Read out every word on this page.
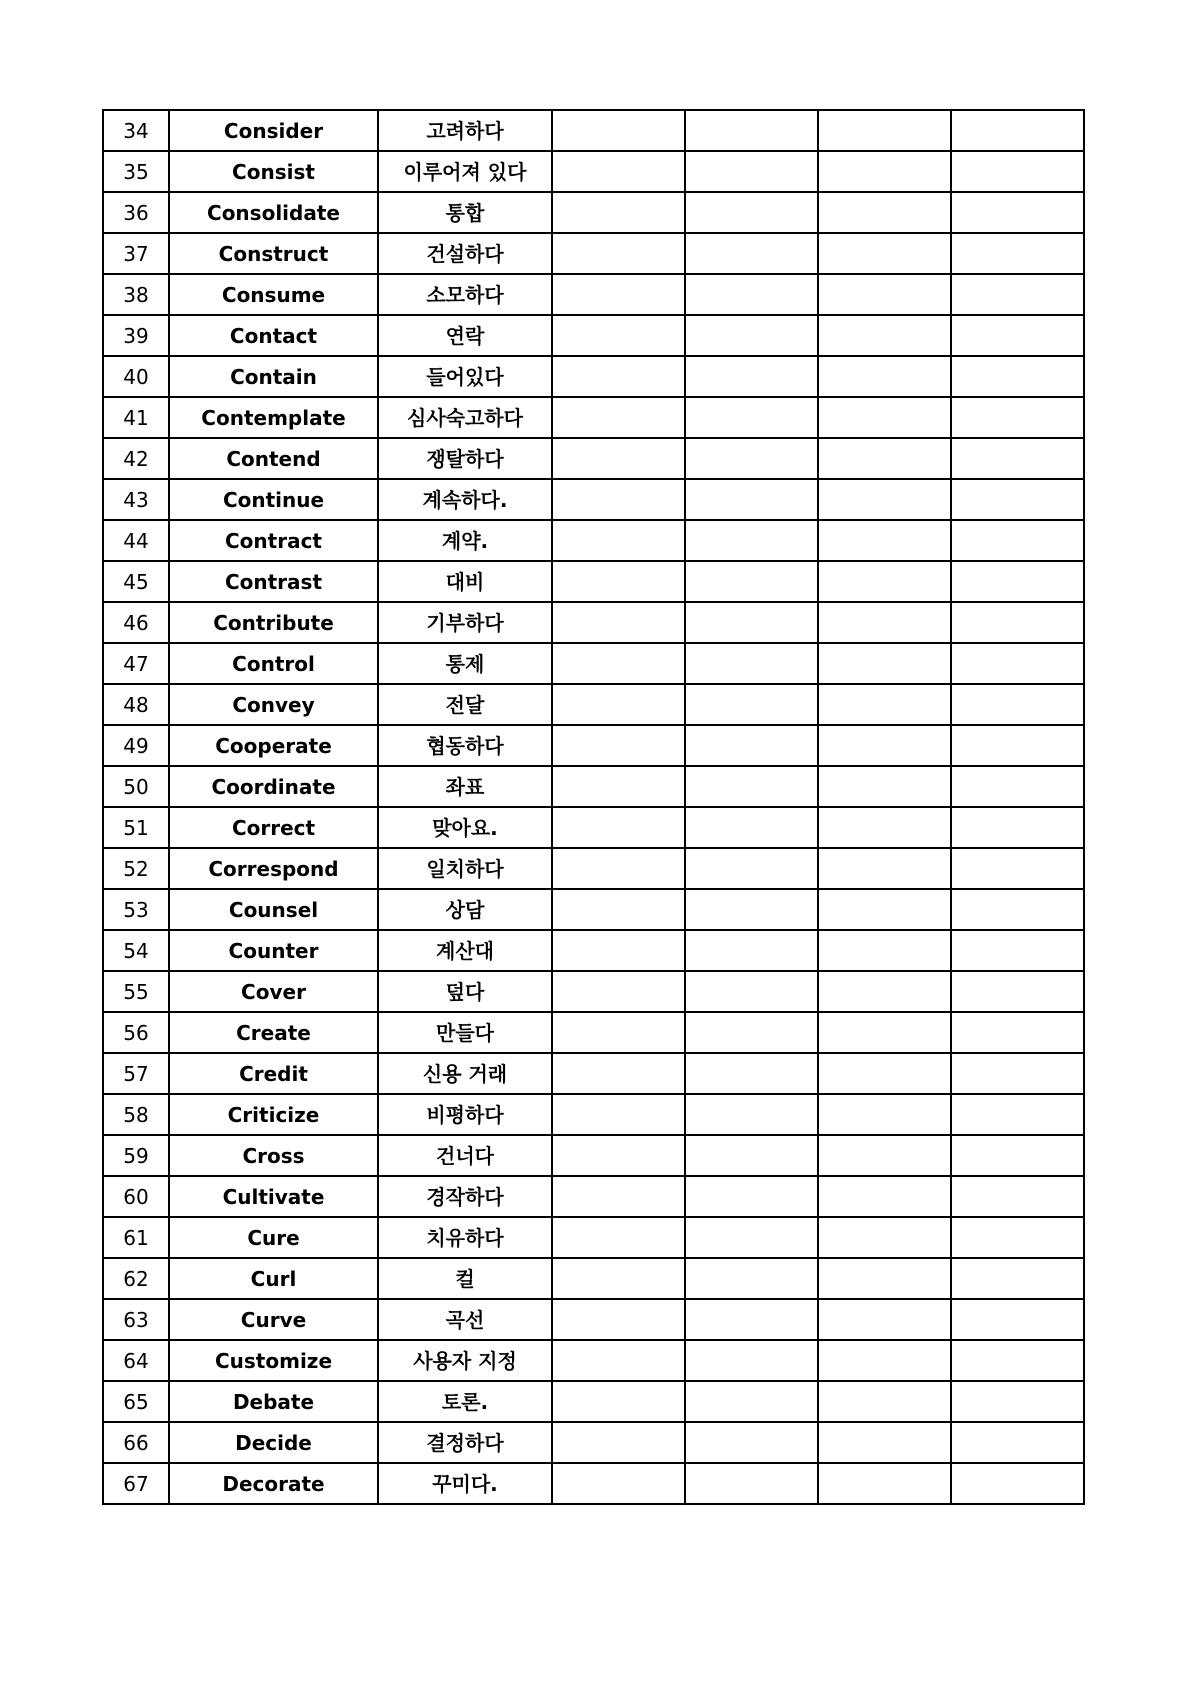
34	Consider	고려하다				
35	Consist	이루어져 있다				
36	Consolidate	통합				
37	Construct	건설하다				
38	Consume	소모하다				
39	Contact	연락				
40	Contain	들어있다				
41	Contemplate	심사숙고하다				
42	Contend	쟁탈하다				
43	Continue	계속하다.				
44	Contract	계약.				
45	Contrast	대비				
46	Contribute	기부하다				
47	Control	통제				
48	Convey	전달				
49	Cooperate	협동하다				
50	Coordinate	좌표				
51	Correct	맞아요.				
52	Correspond	일치하다				
53	Counsel	상담				
54	Counter	계산대				
55	Cover	덮다				
56	Create	만들다				
57	Credit	신용 거래				
58	Criticize	비평하다				
59	Cross	건너다				
60	Cultivate	경작하다				
61	Cure	치유하다				
62	Curl	컬				
63	Curve	곡선				
64	Customize	사용자 지정				
65	Debate	토론.				
66	Decide	결정하다				
67	Decorate	꾸미다.				
